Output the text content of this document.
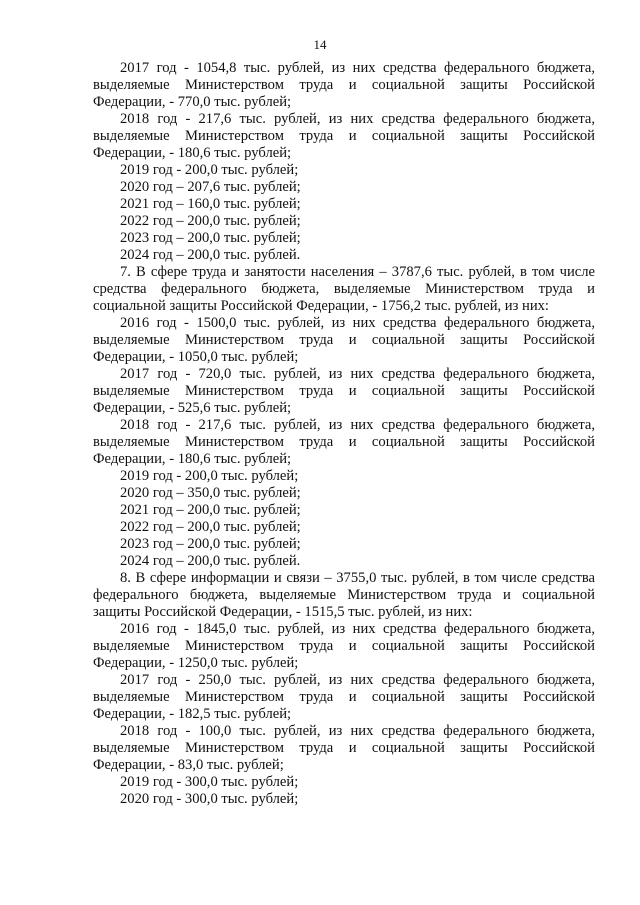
14

2017 год - 1054,8 тыс. рублей, из них средства федерального бюджета, выделяемые Министерством труда и социальной защиты Российской Федерации, - 770,0 тыс. рублей;

2018 год - 217,6 тыс. рублей, из них средства федерального бюджета, выделяемые Министерством труда и социальной защиты Российской Федерации, - 180,6 тыс. рублей;

2019 год - 200,0 тыс. рублей;

2020 год – 207,6 тыс. рублей;

2021 год – 160,0 тыс. рублей;

2022 год – 200,0 тыс. рублей;

2023 год – 200,0 тыс. рублей;

2024 год – 200,0 тыс. рублей.

7. В сфере труда и занятости населения – 3787,6 тыс. рублей, в том числе средства федерального бюджета, выделяемые Министерством труда и социальной защиты Российской Федерации, - 1756,2 тыс. рублей, из них:

2016 год - 1500,0 тыс. рублей, из них средства федерального бюджета, выделяемые Министерством труда и социальной защиты Российской Федерации, - 1050,0 тыс. рублей;

2017 год - 720,0 тыс. рублей, из них средства федерального бюджета, выделяемые Министерством труда и социальной защиты Российской Федерации, - 525,6 тыс. рублей;

2018 год - 217,6 тыс. рублей, из них средства федерального бюджета, выделяемые Министерством труда и социальной защиты Российской Федерации, - 180,6 тыс. рублей;

2019 год - 200,0 тыс. рублей;

2020 год – 350,0 тыс. рублей;

2021 год – 200,0 тыс. рублей;

2022 год – 200,0 тыс. рублей;

2023 год – 200,0 тыс. рублей;

2024 год – 200,0 тыс. рублей.

8. В сфере информации и связи – 3755,0 тыс. рублей, в том числе средства федерального бюджета, выделяемые Министерством труда и социальной защиты Российской Федерации, - 1515,5 тыс. рублей, из них:

2016 год - 1845,0 тыс. рублей, из них средства федерального бюджета, выделяемые Министерством труда и социальной защиты Российской Федерации, - 1250,0 тыс. рублей;

2017 год - 250,0 тыс. рублей, из них средства федерального бюджета, выделяемые Министерством труда и социальной защиты Российской Федерации, - 182,5 тыс. рублей;

2018 год - 100,0 тыс. рублей, из них средства федерального бюджета, выделяемые Министерством труда и социальной защиты Российской Федерации, - 83,0 тыс. рублей;

2019 год - 300,0 тыс. рублей;

2020 год - 300,0 тыс. рублей;
